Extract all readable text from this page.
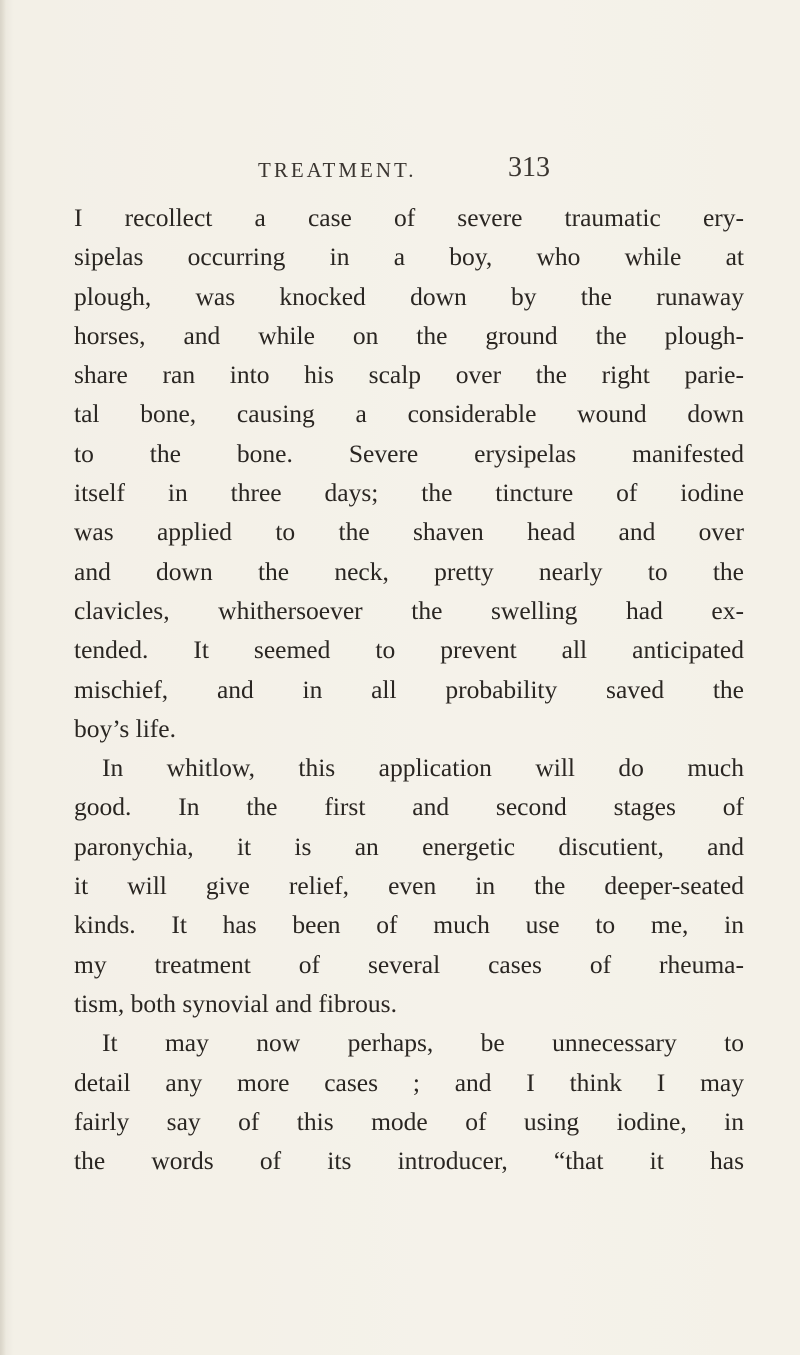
TREATMENT.	313
I recollect a case of severe traumatic ery-
sipelas occurring in a boy, who while at
plough, was knocked down by the runaway
horses, and while on the ground the plough-
share ran into his scalp over the right parie-
tal bone, causing a considerable wound down
to the bone. Severe erysipelas manifested
itself in three days; the tincture of iodine
was applied to the shaven head and over
and down the neck, pretty nearly to the
clavicles, whithersoever the swelling had ex-
tended. It seemed to prevent all anticipated
mischief, and in all probability saved the
boy’s life.
In whitlow, this application will do much
good. In the first and second stages of
paronychia, it is an energetic discutient, and
it will give relief, even in the deeper-seated
kinds. It has been of much use to me, in
my treatment of several cases of rheuma-
tism, both synovial and fibrous.
It may now perhaps, be unnecessary to
detail any more cases ; and I think I may
fairly say of this mode of using iodine, in
the words of its introducer, “that it has
